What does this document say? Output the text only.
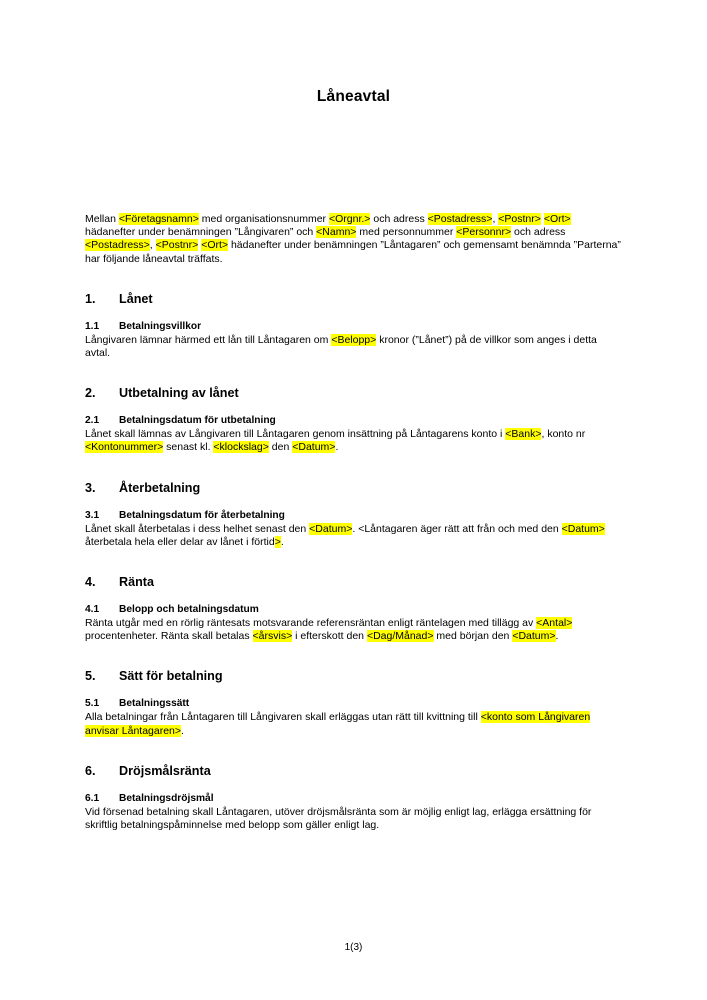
Låneavtal
Mellan <Företagsnamn> med organisationsnummer <Orgnr.> och adress <Postadress>, <Postnr> <Ort> hädanefter under benämningen ”Långivaren” och <Namn> med personnummer <Personnr> och adress <Postadress>, <Postnr> <Ort> hädanefter under benämningen ”Låntagaren” och gemensamt benämnda ”Parterna” har följande låneavtal träffats.
1.	Lånet
1.1	Betalningsvillkor
Långivaren lämnar härmed ett lån till Låntagaren om <Belopp> kronor (”Lånet”) på de villkor som anges i detta avtal.
2.	Utbetalning av lånet
2.1	Betalningsdatum för utbetalning
Lånet skall lämnas av Långivaren till Låntagaren genom insättning på Låntagarens konto i <Bank>, konto nr <Kontonummer> senast kl. <klockslag> den <Datum>.
3.	Återbetalning
3.1	Betalningsdatum för återbetalning
Lånet skall återbetalas i dess helhet senast den <Datum>. <Låntagaren äger rätt att från och med den <Datum> återbetala hela eller delar av lånet i förtid>.
4.	Ränta
4.1	Belopp och betalningsdatum
Ränta utgår med en rörlig räntesats motsvarande referensräntan enligt räntelagen med tillägg av <Antal> procentenheter. Ränta skall betalas <årsvis> i efterskott den <Dag/Månad> med början den <Datum>.
5.	Sätt för betalning
5.1	Betalningssätt
Alla betalningar från Låntagaren till Långivaren skall erläggas utan rätt till kvittning till <konto som Långivaren anvisar Låntagaren>.
6.	Dröjsmålsränta
6.1	Betalningsdröjsmål
Vid försenad betalning skall Låntagaren, utöver dröjsmålsränta som är möjlig enligt lag, erlägga ersättning för skriftlig betalningspåminnelse med belopp som gäller enligt lag.
1(3)
